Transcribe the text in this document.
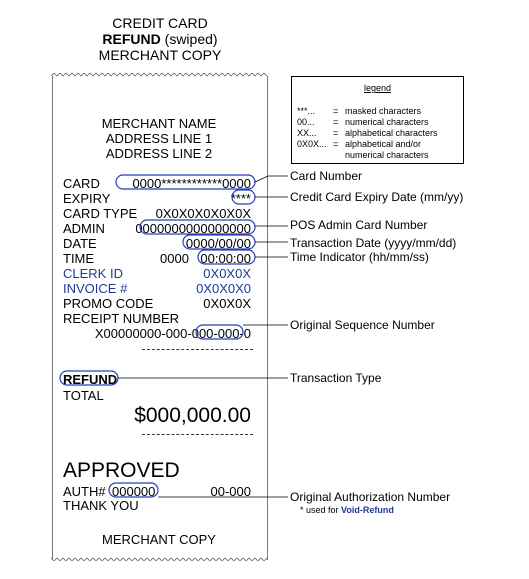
CREDIT CARD
REFUND (swiped)
MERCHANT COPY
MERCHANT NAME
ADDRESS LINE 1
ADDRESS LINE 2
CARD	0000************0000
EXPIRY	****
CARD TYPE 0X0X0X0X0X0X
ADMIN 0000000000000000
DATE	0000/00/00
TIME	0000 00:00:00
CLERK ID	0X0X0X
INVOICE #	0X0X0X0
PROMO CODE	0X0X0X
RECEIPT NUMBER
X00000000-000-000-000-0
REFUND
TOTAL
$000,000.00
APPROVED
AUTH# 000000	00-000
THANK YOU
MERCHANT COPY
legend
***... = masked characters
00... = numerical characters
XX... = alphabetical characters
0X0X... = alphabetical and/or
numerical characters
Card Number
Credit Card Expiry Date (mm/yy)
POS Admin Card Number
Transaction Date (yyyy/mm/dd)
Time Indicator (hh/mm/ss)
Original Sequence Number
Transaction Type
Original Authorization Number
* used for Void-Refund
